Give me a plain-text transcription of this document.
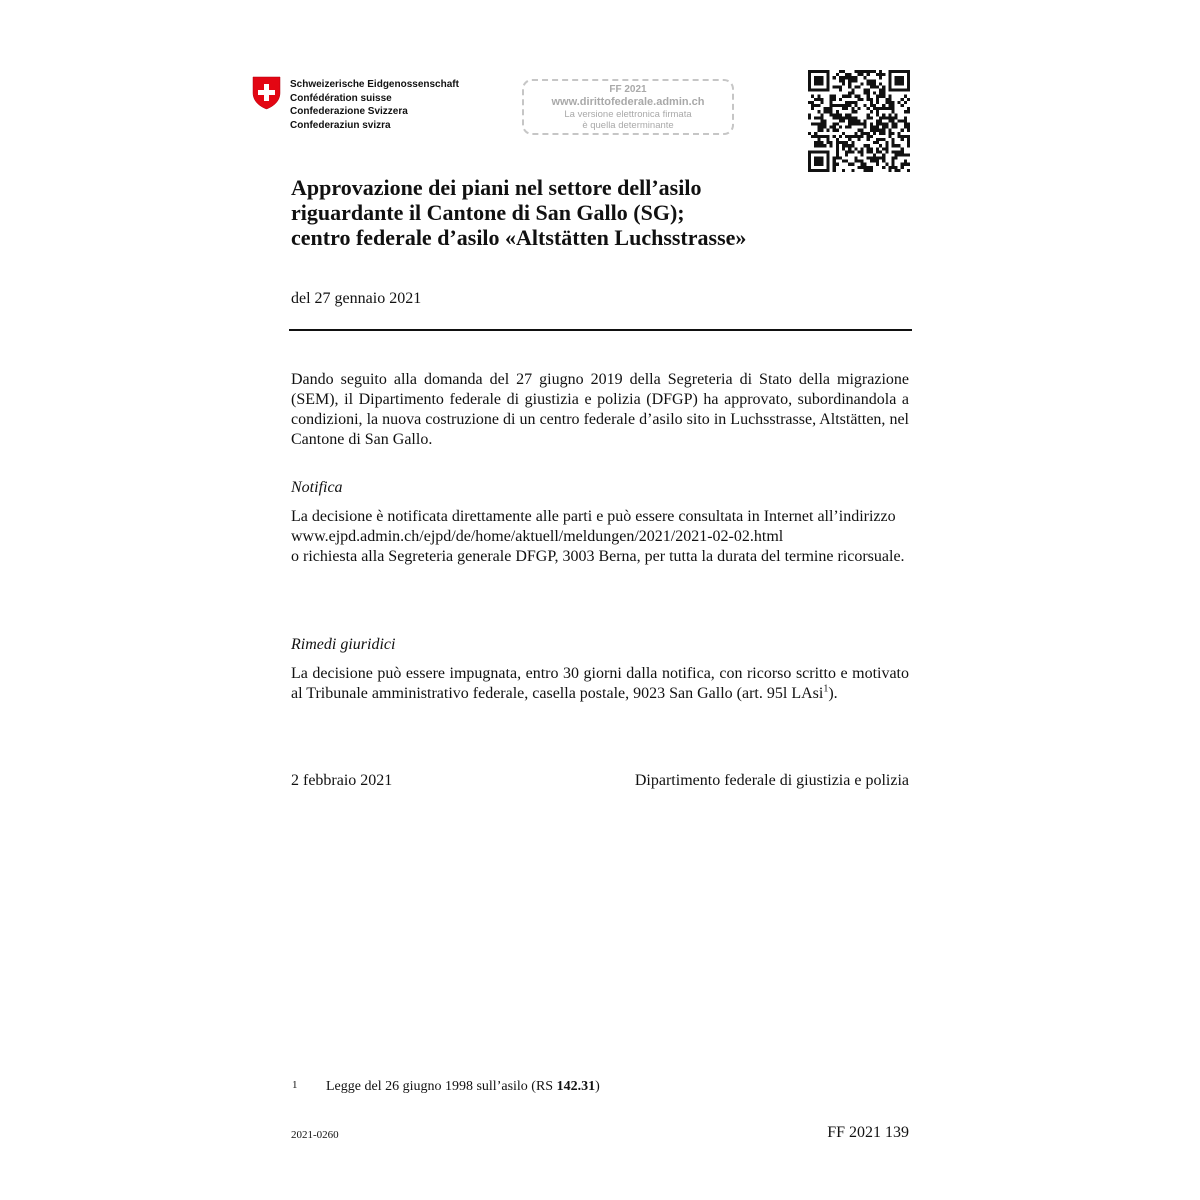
Schweizerische Eidgenossenschaft
Confédération suisse
Confederazione Svizzera
Confederaziun svizra
FF 2021
www.dirittofederale.admin.ch
La versione elettronica firmata
è quella determinante
Approvazione dei piani nel settore dell’asilo
riguardante il Cantone di San Gallo (SG);
centro federale d’asilo «Altstätten Luchsstrasse»
del 27 gennaio 2021
Dando seguito alla domanda del 27 giugno 2019 della Segreteria di Stato della migrazione (SEM), il Dipartimento federale di giustizia e polizia (DFGP) ha approvato, subordinandola a condizioni, la nuova costruzione di un centro federale d’asilo sito in Luchsstrasse, Altstätten, nel Cantone di San Gallo.
Notifica
La decisione è notificata direttamente alle parti e può essere consultata in Internet all’indirizzo
www.ejpd.admin.ch/ejpd/de/home/aktuell/meldungen/2021/2021-02-02.html
o richiesta alla Segreteria generale DFGP, 3003 Berna, per tutta la durata del termine ricorsuale.
Rimedi giuridici
La decisione può essere impugnata, entro 30 giorni dalla notifica, con ricorso scritto e motivato al Tribunale amministrativo federale, casella postale, 9023 San Gallo (art. 95l LAsi$^1$).
2 febbraio 2021	Dipartimento federale di giustizia e polizia
1 Legge del 26 giugno 1998 sull’asilo (RS 142.31)
2021-0260	FF 2021 139
